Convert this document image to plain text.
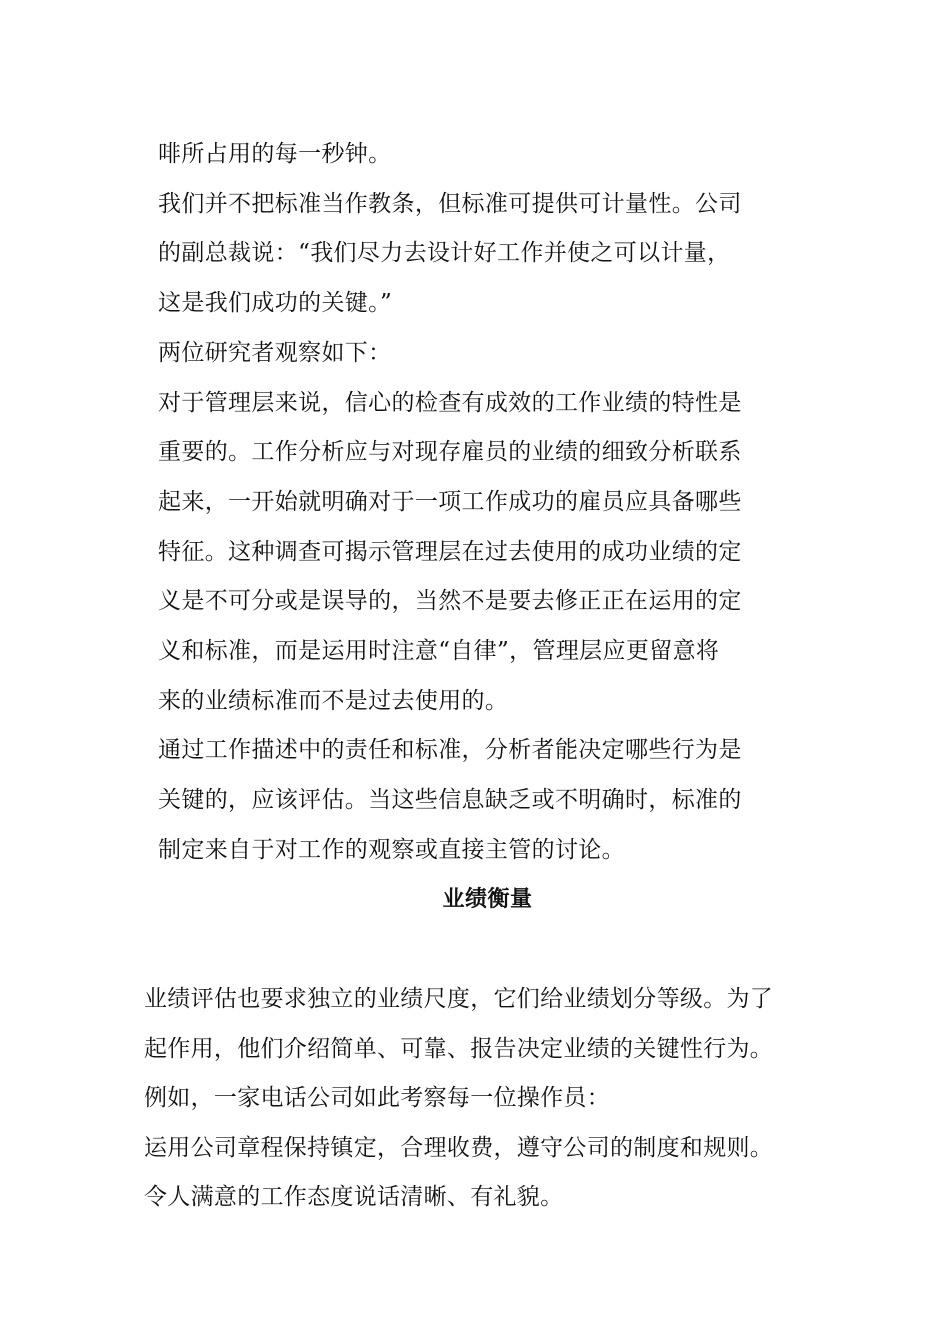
啡所占用的每一秒钟。
我们并不把标准当作教条，但标准可提供可计量性。公司
的副总裁说：“我们尽力去设计好工作并使之可以计量，
这是我们成功的关键。”
两位研究者观察如下：
对于管理层来说，信心的检查有成效的工作业绩的特性是
重要的。工作分析应与对现存雇员的业绩的细致分析联系
起来，一开始就明确对于一项工作成功的雇员应具备哪些
特征。这种调查可揭示管理层在过去使用的成功业绩的定
义是不可分或是误导的，当然不是要去修正正在运用的定
义和标准，而是运用时注意“自律”，管理层应更留意将
来的业绩标准而不是过去使用的。
通过工作描述中的责任和标准，分析者能决定哪些行为是
关键的，应该评估。当这些信息缺乏或不明确时，标准的
制定来自于对工作的观察或直接主管的讨论。
业绩衡量
业绩评估也要求独立的业绩尺度，它们给业绩划分等级。为了
起作用，他们介绍简单、可靠、报告决定业绩的关键性行为。
例如，一家电话公司如此考察每一位操作员：
运用公司章程保持镇定，合理收费，遵守公司的制度和规则。
令人满意的工作态度说话清晰、有礼貌。
